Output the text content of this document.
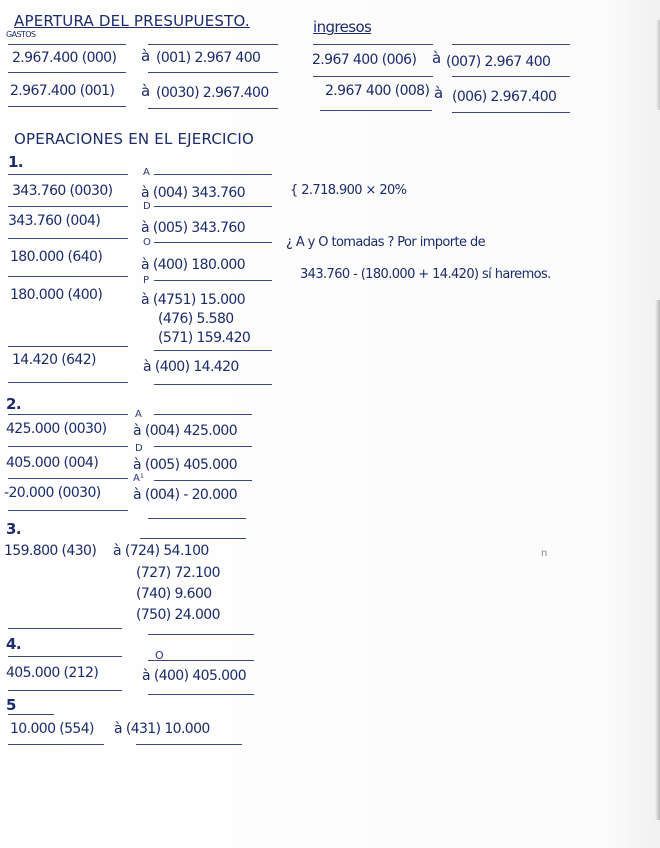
APERTURA DEL PRESUPUESTO.
GASTOS	ingresos
2.967.400 (000) à (001) 2.967 400	2.967 400 (006) à (007) 2.967 400
2.967.400 (001) à (0030) 2.967.400	2.967 400 (008) à (006) 2.967.400
OPERACIONES EN EL EJERCICIO
1.
A
343.760 (0030) à (004) 343.760	{ 2.718.900 × 20%
D
343.760 (004)	à (005) 343.760
O
180.000 (640)	à (400) 180.000
¿ A y O tomadas ? Por importe de
343.760 - (180.000 + 14.420) sí haremos.
P
180.000 (400)	à (4751) 15.000
(476) 5.580
(571) 159.420
14.420 (642)	à (400) 14.420
2.
A
425.000 (0030) à (004) 425.000
D
405.000 (004) à (005) 405.000
A¹
-20.000 (0030) à (004) - 20.000
3.
159.800 (430) à (724) 54.100
(727) 72.100
(740) 9.600
(750) 24.000
n
4.
O
405.000 (212)	à (400) 405.000
5
10.000 (554) à (431) 10.000
